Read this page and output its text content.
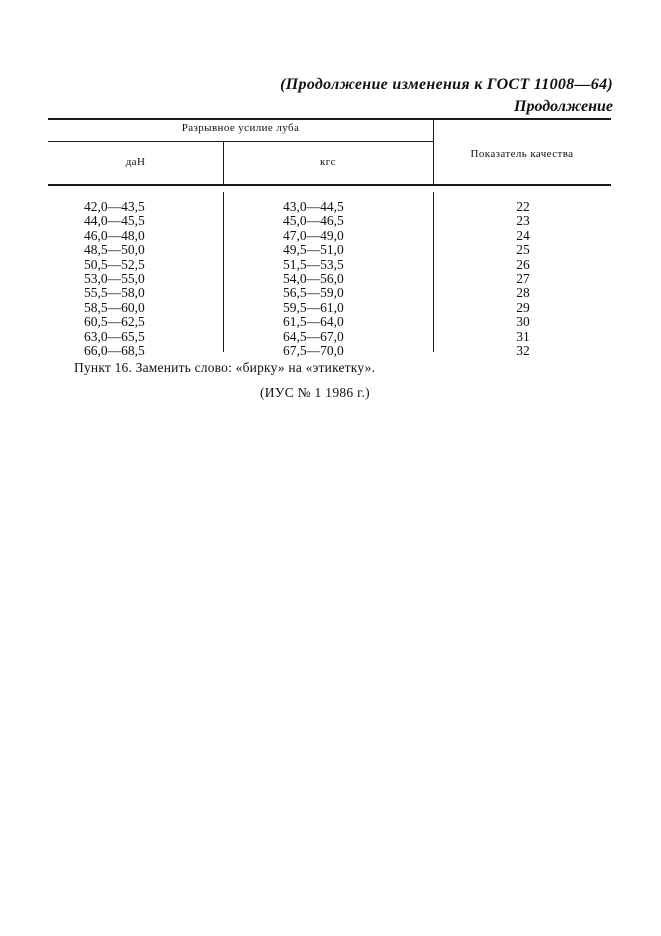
(Продолжение изменения к ГОСТ 11008—64)
Продолжение
Разрывное усилие луба
даН	кгс
Показатель качества
42,0—43,5
44,0—45,5
46,0—48,0
48,5—50,0
50,5—52,5
53,0—55,0
55,5—58,0
58,5—60,0
60,5—62,5
63,0—65,5
66,0—68,5
43,0—44,5
45,0—46,5
47,0—49,0
49,5—51,0
51,5—53,5
54,0—56,0
56,5—59,0
59,5—61,0
61,5—64,0
64,5—67,0
67,5—70,0
22
23
24
25
26
27
28
29
30
31
32
Пункт 16. Заменить слово: «бирку» на «этикетку».
(ИУС № 1 1986 г.)
